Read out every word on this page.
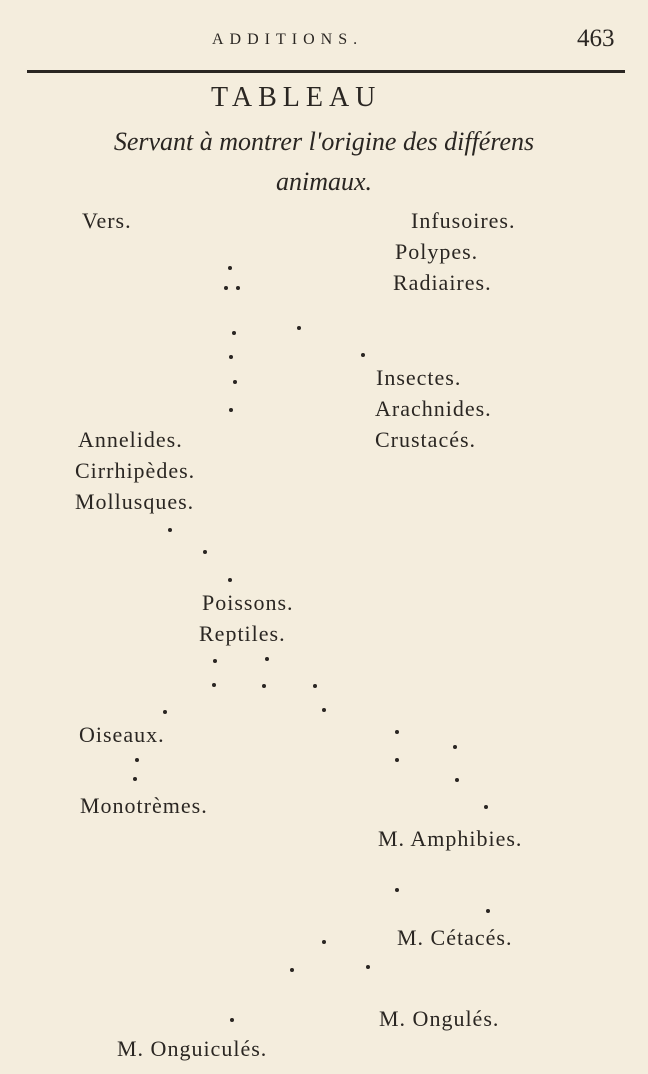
ADDITIONS.	463
TABLEAU
Servant à montrer l'origine des différens
animaux.
Vers.
Annelides.
Cirrhipèdes.
Mollusques.
Infusoires.
Polypes.
Radiaires.
Insectes.
Arachnides.
Crustacés.
Poissons.
Reptiles.
Oiseaux.
Monotrèmes.
M. Amphibies.
M. Cétacés.
M. Ongulés.
M. Onguiculés.
